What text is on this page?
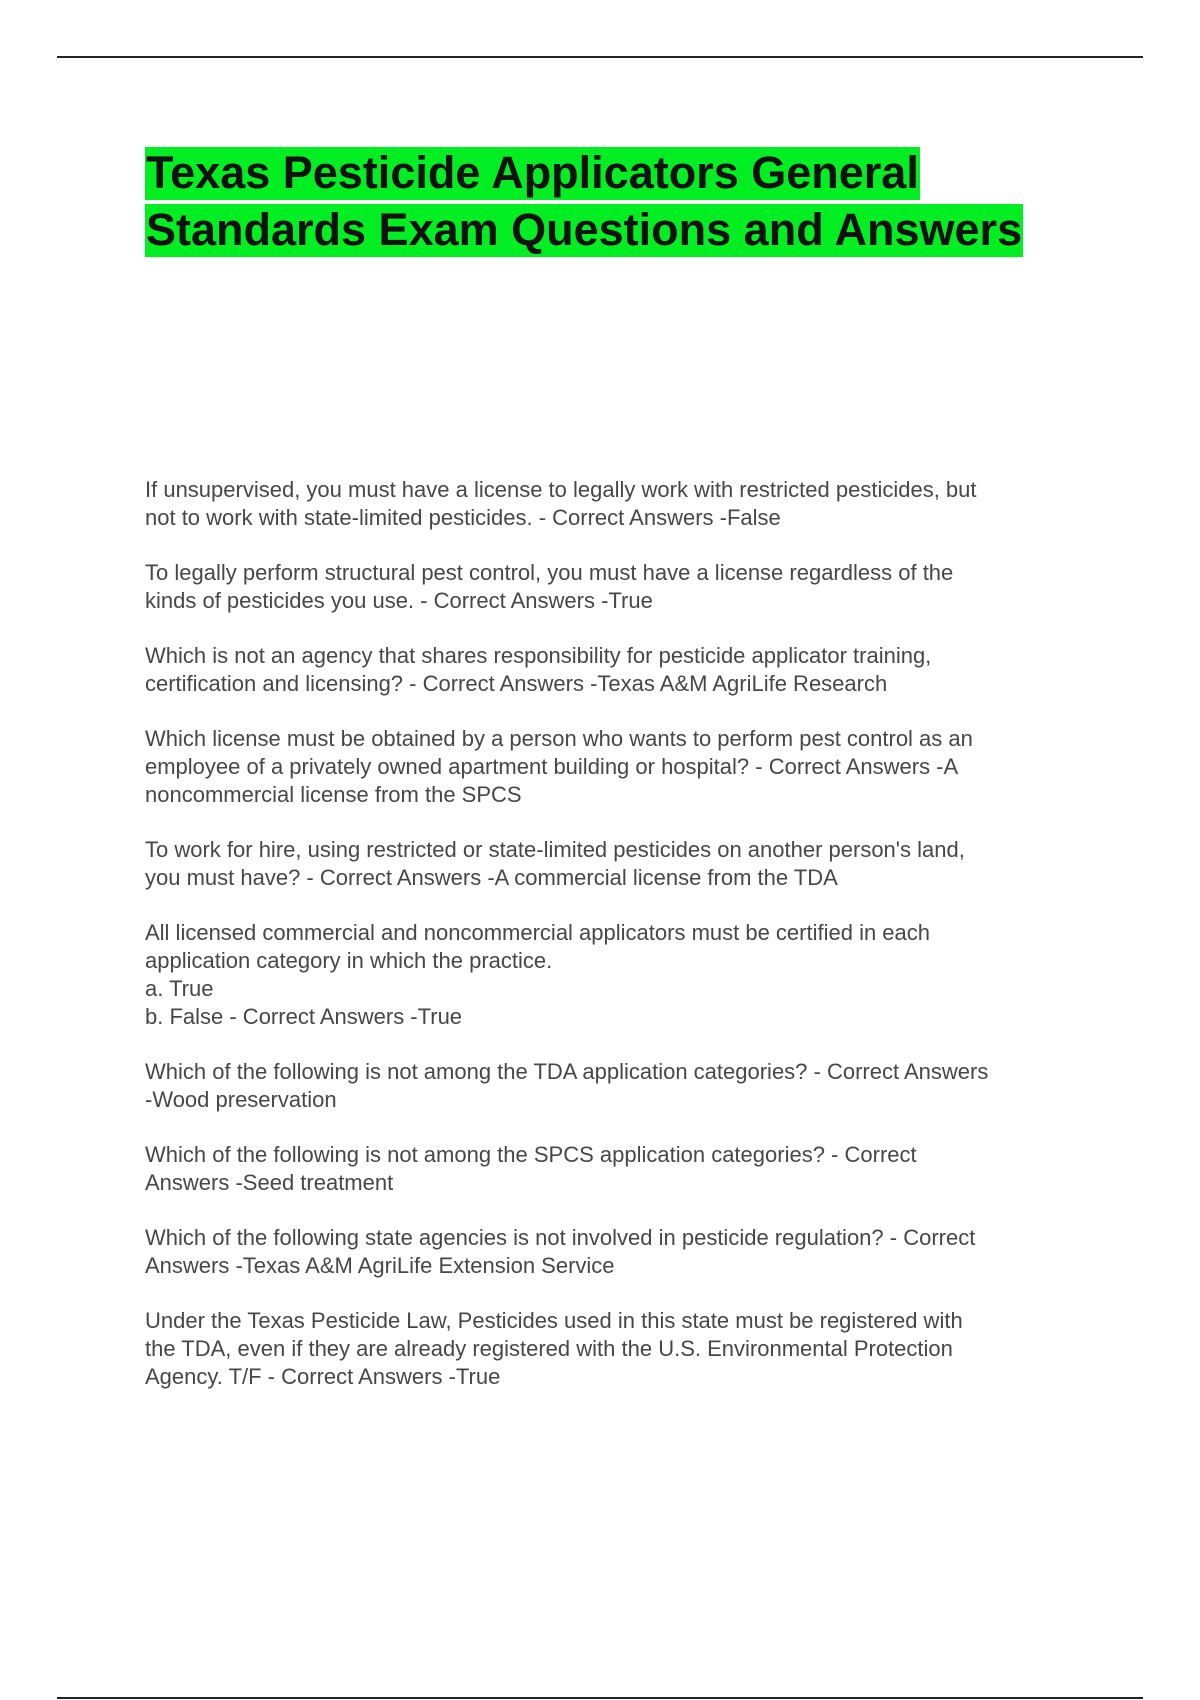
Texas Pesticide Applicators General
Standards Exam Questions and Answers
If unsupervised, you must have a license to legally work with restricted pesticides, but
not to work with state-limited pesticides. - Correct Answers -False
To legally perform structural pest control, you must have a license regardless of the
kinds of pesticides you use. - Correct Answers -True
Which is not an agency that shares responsibility for pesticide applicator training,
certification and licensing? - Correct Answers -Texas A&M AgriLife Research
Which license must be obtained by a person who wants to perform pest control as an
employee of a privately owned apartment building or hospital? - Correct Answers -A
noncommercial license from the SPCS
To work for hire, using restricted or state-limited pesticides on another person's land,
you must have? - Correct Answers -A commercial license from the TDA
All licensed commercial and noncommercial applicators must be certified in each
application category in which the practice.
a. True
b. False - Correct Answers -True
Which of the following is not among the TDA application categories? - Correct Answers
-Wood preservation
Which of the following is not among the SPCS application categories? - Correct
Answers -Seed treatment
Which of the following state agencies is not involved in pesticide regulation? - Correct
Answers -Texas A&M AgriLife Extension Service
Under the Texas Pesticide Law, Pesticides used in this state must be registered with
the TDA, even if they are already registered with the U.S. Environmental Protection
Agency. T/F - Correct Answers -True
